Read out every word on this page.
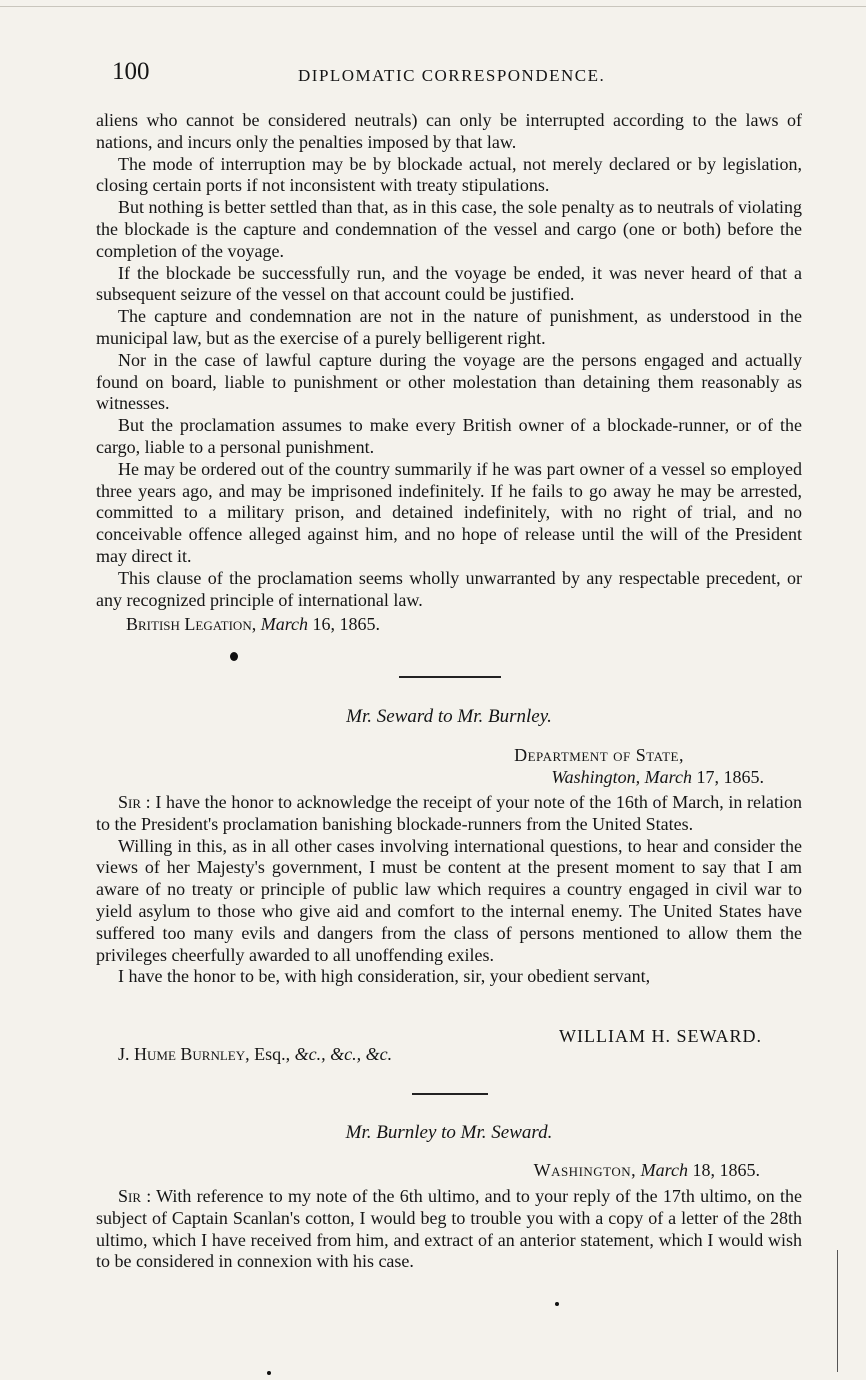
100	DIPLOMATIC CORRESPONDENCE.

aliens who cannot be considered neutrals) can only be interrupted according to the laws of nations, and incurs only the penalties imposed by that law.

The mode of interruption may be by blockade actual, not merely declared or by legislation, closing certain ports if not inconsistent with treaty stipulations.

But nothing is better settled than that, as in this case, the sole penalty as to neutrals of violating the blockade is the capture and condemnation of the vessel and cargo (one or both) before the completion of the voyage.

If the blockade be successfully run, and the voyage be ended, it was never heard of that a subsequent seizure of the vessel on that account could be justified.

The capture and condemnation are not in the nature of punishment, as understood in the municipal law, but as the exercise of a purely belligerent right.

Nor in the case of lawful capture during the voyage are the persons engaged and actually found on board, liable to punishment or other molestation than detaining them reasonably as witnesses.

But the proclamation assumes to make every British owner of a blockade-runner, or of the cargo, liable to a personal punishment.

He may be ordered out of the country summarily if he was part owner of a vessel so employed three years ago, and may be imprisoned indefinitely. If he fails to go away he may be arrested, committed to a military prison, and detained indefinitely, with no right of trial, and no conceivable offence alleged against him, and no hope of release until the will of the President may direct it.

This clause of the proclamation seems wholly unwarranted by any respectable precedent, or any recognized principle of international law.

British Legation, March 16, 1865.
Mr. Seward to Mr. Burnley.
Department of State,
Washington, March 17, 1865.

Sir : I have the honor to acknowledge the receipt of your note of the 16th of March, in relation to the President's proclamation banishing blockade-runners from the United States.

Willing in this, as in all other cases involving international questions, to hear and consider the views of her Majesty's government, I must be content at the present moment to say that I am aware of no treaty or principle of public law which requires a country engaged in civil war to yield asylum to those who give aid and comfort to the internal enemy. The United States have suffered too many evils and dangers from the class of persons mentioned to allow them the privileges cheerfully awarded to all unoffending exiles.

I have the honor to be, with high consideration, sir, your obedient servant,

WILLIAM H. SEWARD.
J. Hume Burnley, Esq., &c., &c., &c.
Mr. Burnley to Mr. Seward.
Washington, March 18, 1865.

Sir : With reference to my note of the 6th ultimo, and to your reply of the 17th ultimo, on the subject of Captain Scanlan's cotton, I would beg to trouble you with a copy of a letter of the 28th ultimo, which I have received from him, and extract of an anterior statement, which I would wish to be considered in connexion with his case.
